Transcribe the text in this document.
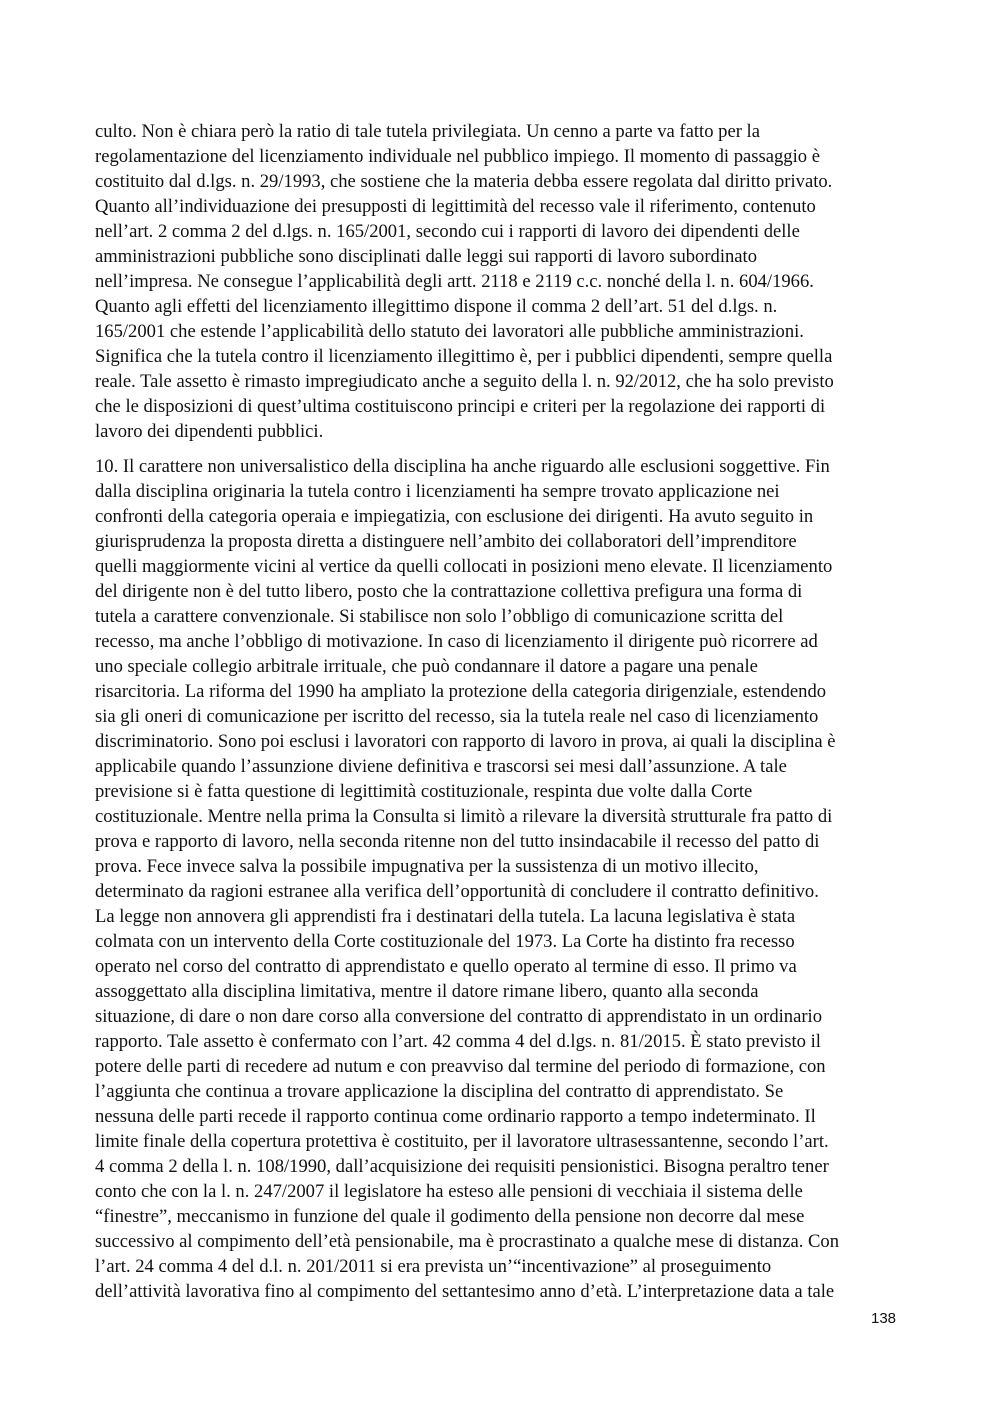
culto. Non è chiara però la ratio di tale tutela privilegiata. Un cenno a parte va fatto per la
regolamentazione del licenziamento individuale nel pubblico impiego. Il momento di passaggio è
costituito dal d.lgs. n. 29/1993, che sostiene che la materia debba essere regolata dal diritto privato.
Quanto all’individuazione dei presupposti di legittimità del recesso vale il riferimento, contenuto
nell’art. 2 comma 2 del d.lgs. n. 165/2001, secondo cui i rapporti di lavoro dei dipendenti delle
amministrazioni pubbliche sono disciplinati dalle leggi sui rapporti di lavoro subordinato
nell’impresa. Ne consegue l’applicabilità degli artt. 2118 e 2119 c.c. nonché della l. n. 604/1966.
Quanto agli effetti del licenziamento illegittimo dispone il comma 2 dell’art. 51 del d.lgs. n.
165/2001 che estende l’applicabilità dello statuto dei lavoratori alle pubbliche amministrazioni.
Significa che la tutela contro il licenziamento illegittimo è, per i pubblici dipendenti, sempre quella
reale. Tale assetto è rimasto impregiudicato anche a seguito della l. n. 92/2012, che ha solo previsto
che le disposizioni di quest’ultima costituiscono principi e criteri per la regolazione dei rapporti di
lavoro dei dipendenti pubblici.
10. Il carattere non universalistico della disciplina ha anche riguardo alle esclusioni soggettive. Fin
dalla disciplina originaria la tutela contro i licenziamenti ha sempre trovato applicazione nei
confronti della categoria operaia e impiegatizia, con esclusione dei dirigenti. Ha avuto seguito in
giurisprudenza la proposta diretta a distinguere nell’ambito dei collaboratori dell’imprenditore
quelli maggiormente vicini al vertice da quelli collocati in posizioni meno elevate. Il licenziamento
del dirigente non è del tutto libero, posto che la contrattazione collettiva prefigura una forma di
tutela a carattere convenzionale. Si stabilisce non solo l’obbligo di comunicazione scritta del
recesso, ma anche l’obbligo di motivazione. In caso di licenziamento il dirigente può ricorrere ad
uno speciale collegio arbitrale irrituale, che può condannare il datore a pagare una penale
risarcitoria. La riforma del 1990 ha ampliato la protezione della categoria dirigenziale, estendendo
sia gli oneri di comunicazione per iscritto del recesso, sia la tutela reale nel caso di licenziamento
discriminatorio. Sono poi esclusi i lavoratori con rapporto di lavoro in prova, ai quali la disciplina è
applicabile quando l’assunzione diviene definitiva e trascorsi sei mesi dall’assunzione. A tale
previsione si è fatta questione di legittimità costituzionale, respinta due volte dalla Corte
costituzionale. Mentre nella prima la Consulta si limitò a rilevare la diversità strutturale fra patto di
prova e rapporto di lavoro, nella seconda ritenne non del tutto insindacabile il recesso del patto di
prova. Fece invece salva la possibile impugnativa per la sussistenza di un motivo illecito,
determinato da ragioni estranee alla verifica dell’opportunità di concludere il contratto definitivo.
La legge non annovera gli apprendisti fra i destinatari della tutela. La lacuna legislativa è stata
colmata con un intervento della Corte costituzionale del 1973. La Corte ha distinto fra recesso
operato nel corso del contratto di apprendistato e quello operato al termine di esso. Il primo va
assoggettato alla disciplina limitativa, mentre il datore rimane libero, quanto alla seconda
situazione, di dare o non dare corso alla conversione del contratto di apprendistato in un ordinario
rapporto. Tale assetto è confermato con l’art. 42 comma 4 del d.lgs. n. 81/2015. È stato previsto il
potere delle parti di recedere ad nutum e con preavviso dal termine del periodo di formazione, con
l’aggiunta che continua a trovare applicazione la disciplina del contratto di apprendistato. Se
nessuna delle parti recede il rapporto continua come ordinario rapporto a tempo indeterminato. Il
limite finale della copertura protettiva è costituito, per il lavoratore ultrasessantenne, secondo l’art.
4 comma 2 della l. n. 108/1990, dall’acquisizione dei requisiti pensionistici. Bisogna peraltro tener
conto che con la l. n. 247/2007 il legislatore ha esteso alle pensioni di vecchiaia il sistema delle
“finestre”, meccanismo in funzione del quale il godimento della pensione non decorre dal mese
successivo al compimento dell’età pensionabile, ma è procrastinato a qualche mese di distanza. Con
l’art. 24 comma 4 del d.l. n. 201/2011 si era prevista un’“incentivazione” al proseguimento
dell’attività lavorativa fino al compimento del settantesimo anno d’età. L’interpretazione data a tale
138
